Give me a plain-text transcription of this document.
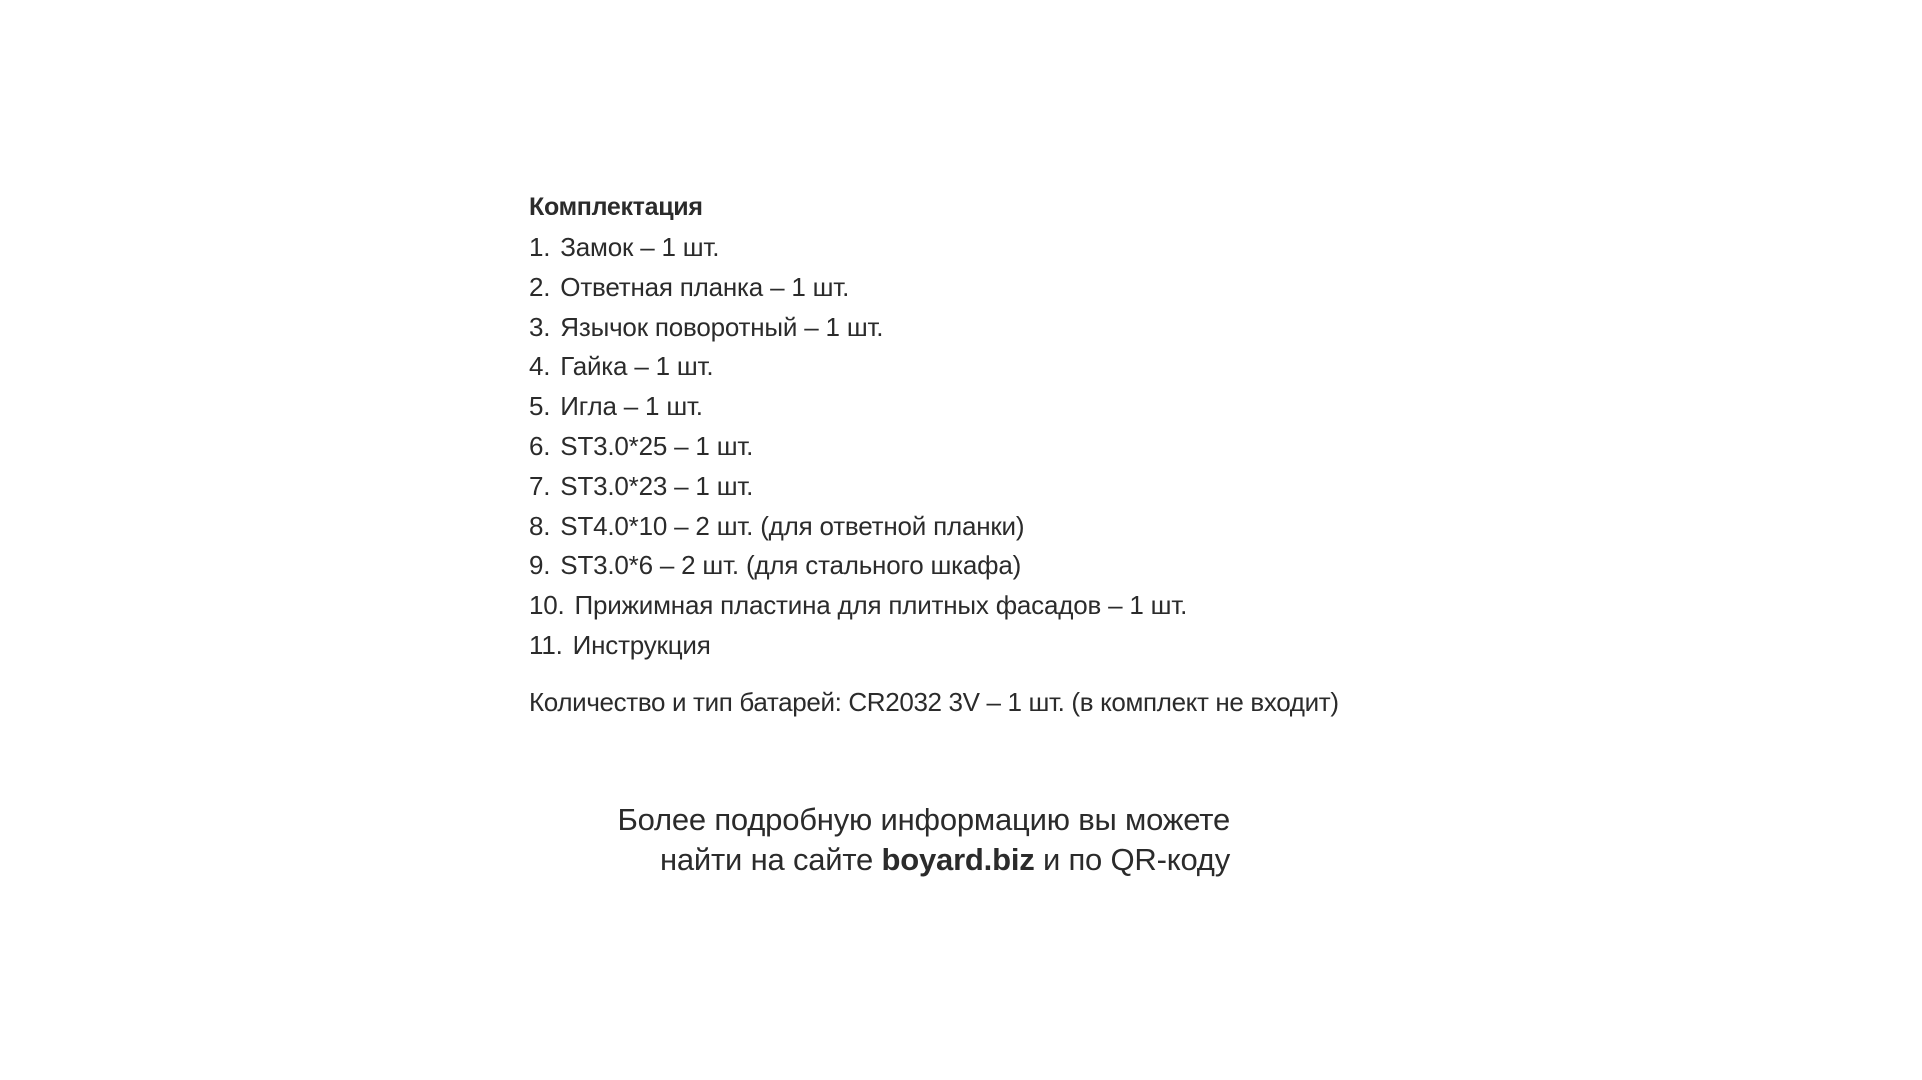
Комплектация
1. Замок – 1 шт.
2. Ответная планка – 1 шт.
3. Язычок поворотный – 1 шт.
4. Гайка – 1 шт.
5. Игла – 1 шт.
6. ST3.0*25 – 1 шт.
7. ST3.0*23 – 1 шт.
8. ST4.0*10 – 2 шт. (для ответной планки)
9. ST3.0*6 – 2 шт. (для стального шкафа)
10. Прижимная пластина для плитных фасадов – 1 шт.
11. Инструкция
Количество и тип батарей: CR2032 3V – 1 шт. (в комплект не входит)
Более подробную информацию вы можете
найти на сайте boyard.biz и по QR-коду
